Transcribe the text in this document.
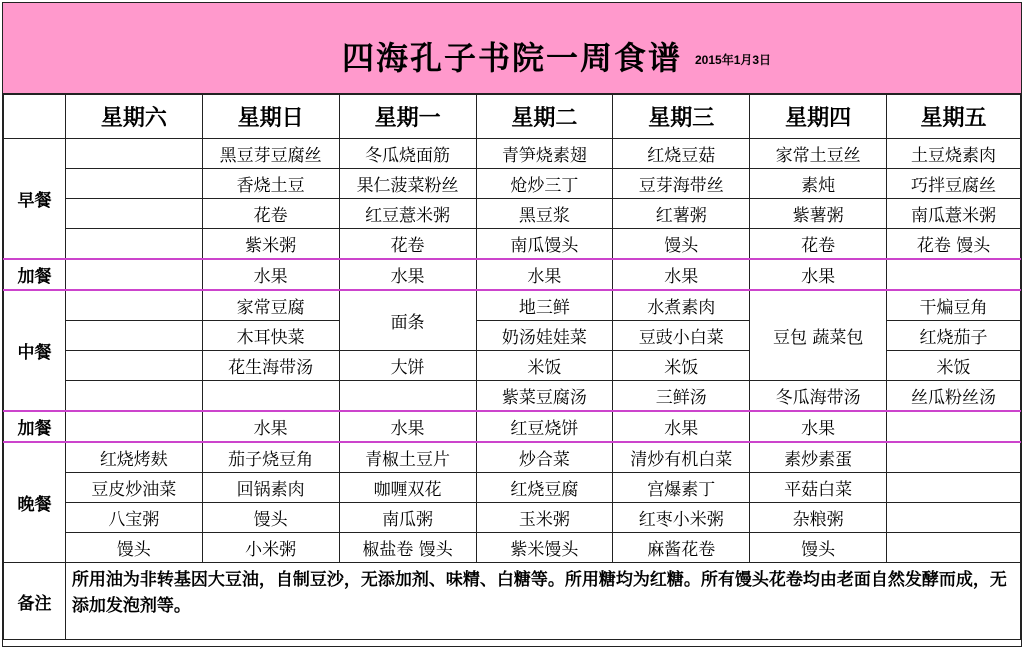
四海孔子书院一周食谱	2015年1月3日
	星期六	星期日	星期一	星期二	星期三	星期四	星期五
早餐		黑豆芽豆腐丝	冬瓜烧面筋	青笋烧素翅	红烧豆菇	家常土豆丝	土豆烧素肉
		香烧土豆	果仁菠菜粉丝	炝炒三丁	豆芽海带丝	素炖	巧拌豆腐丝
		花卷	红豆薏米粥	黑豆浆	红薯粥	紫薯粥	南瓜薏米粥
		紫米粥	花卷	南瓜馒头	馒头	花卷	花卷 馒头
加餐		水果	水果	水果	水果	水果	
中餐		家常豆腐	面条	地三鲜	水煮素肉	豆包 蔬菜包	干煸豆角
		木耳快菜		奶汤娃娃菜	豆豉小白菜		红烧茄子
		花生海带汤	大饼	米饭	米饭		米饭
				紫菜豆腐汤	三鲜汤	冬瓜海带汤	丝瓜粉丝汤
加餐		水果	水果	红豆烧饼	水果	水果	
晚餐	红烧烤麸	茄子烧豆角	青椒土豆片	炒合菜	清炒有机白菜	素炒素蛋	
	豆皮炒油菜	回锅素肉	咖喱双花	红烧豆腐	宫爆素丁	平菇白菜	
	八宝粥	馒头	南瓜粥	玉米粥	红枣小米粥	杂粮粥	
	馒头	小米粥	椒盐卷 馒头	紫米馒头	麻酱花卷	馒头	
备注	所用油为非转基因大豆油，自制豆沙，无添加剂、味精、白糖等。所用糖均为红糖。所有馒头花卷均由老面自然发酵而成，无添加发泡剂等。						
